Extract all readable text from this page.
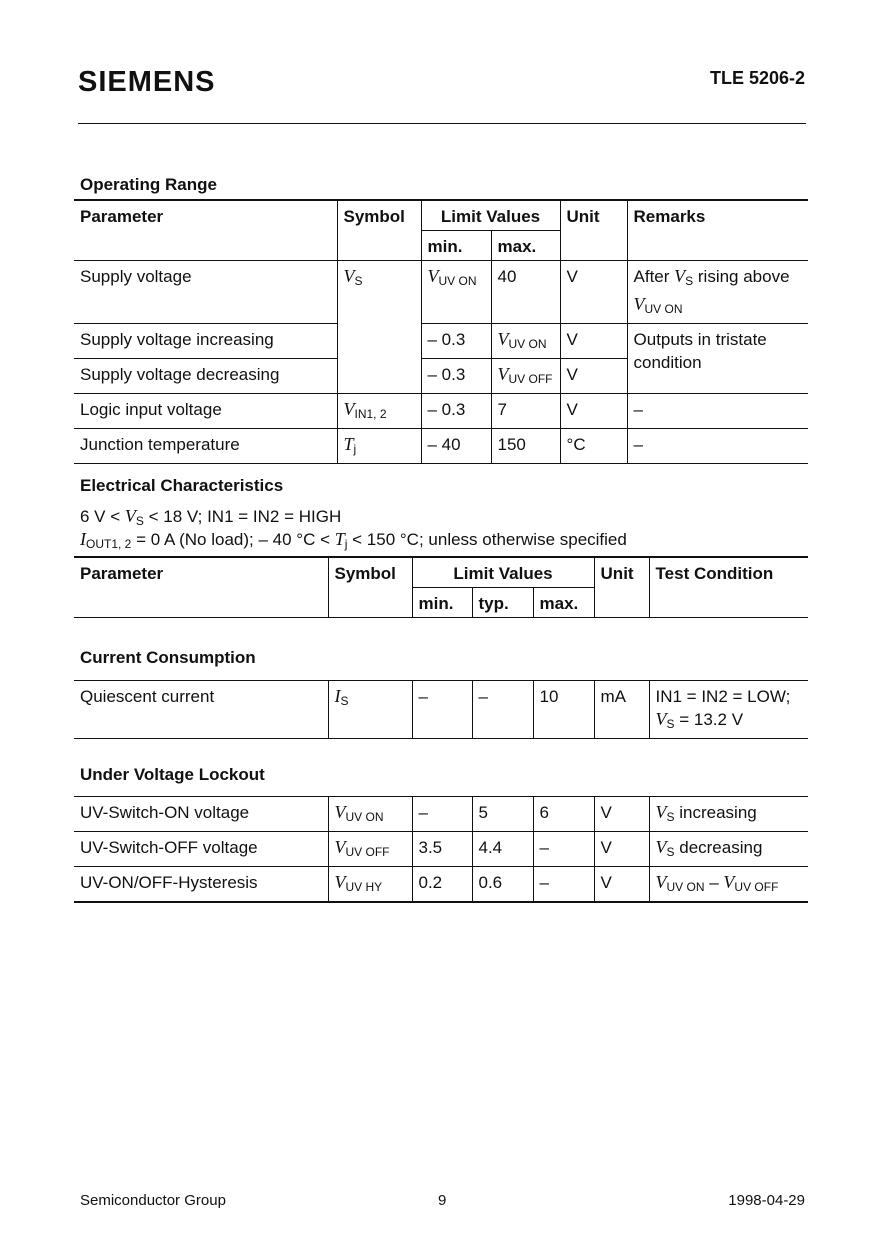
SIEMENS	TLE 5206-2
Operating Range
Parameter	Symbol	Limit Values		Unit	Remarks
		min.	max.		
Supply voltage	$V_S$	$V_{UV ON}$	40	V	After $V_S$ rising above
$V_{UV ON}$
Supply voltage increasing		– 0.3	$V_{UV ON}$	V	Outputs in tristate condition
Supply voltage decreasing		– 0.3	$V_{UV OFF}$	V	
Logic input voltage	$V_{IN1, 2}$	– 0.3	7	V	–
Junction temperature	$T_j$	– 40	150	°C	–
Electrical Characteristics
6 $V < V_S < 18$ V; IN1 = IN2 = HIGH
$I_{OUT1, 2} = 0$ A (No load); – 40 $^\circ C < T_j < 150$ °C; unless otherwise specified
Parameter	Symbol	Limit Values			Unit	Test Condition
		min.	typ.	max.		
Current Consumption
Quiescent current	$I_S$	–	–	10	mA	IN1 = IN2 = LOW;
$V_S = 13.2$ V
Under Voltage Lockout
UV-Switch-ON voltage	$V_{UV ON}$	–	5	6	V	$V_S$ increasing
UV-Switch-OFF voltage	$V_{UV OFF}$	3.5	4.4	–	V	$V_S$ decreasing
UV-ON/OFF-Hysteresis	$V_{UV HY}$	0.2	0.6	–	V	$V_{UV ON} - V_{UV OFF}$
Semiconductor Group	9	1998-04-29
